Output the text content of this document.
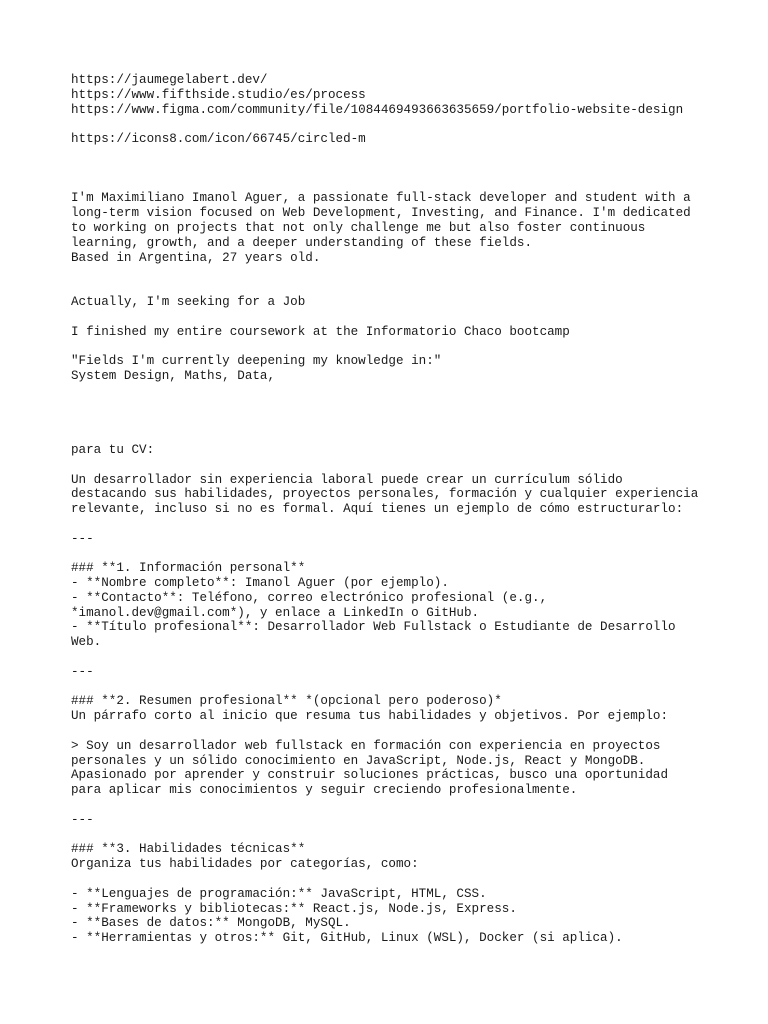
https://jaumegelabert.dev/
https://www.fifthside.studio/es/process
https://www.figma.com/community/file/1084469493663635659/portfolio-website-design
https://icons8.com/icon/66745/circled-m
I'm Maximiliano Imanol Aguer, a passionate full-stack developer and student with a
long-term vision focused on Web Development, Investing, and Finance. I'm dedicated
to working on projects that not only challenge me but also foster continuous
learning, growth, and a deeper understanding of these fields.
Based in Argentina, 27 years old.
Actually, I'm seeking for a Job
I finished my entire coursework at the Informatorio Chaco bootcamp
"Fields I'm currently deepening my knowledge in:"
System Design, Maths, Data,
para tu CV:
Un desarrollador sin experiencia laboral puede crear un currículum sólido
destacando sus habilidades, proyectos personales, formación y cualquier experiencia
relevante, incluso si no es formal. Aquí tienes un ejemplo de cómo estructurarlo:
---
### **1. Información personal**
- **Nombre completo**: Imanol Aguer (por ejemplo).
- **Contacto**: Teléfono, correo electrónico profesional (e.g.,
*imanol.dev@gmail.com*), y enlace a LinkedIn o GitHub.
- **Título profesional**: Desarrollador Web Fullstack o Estudiante de Desarrollo
Web.
---
### **2. Resumen profesional** *(opcional pero poderoso)*
Un párrafo corto al inicio que resuma tus habilidades y objetivos. Por ejemplo:
> Soy un desarrollador web fullstack en formación con experiencia en proyectos
personales y un sólido conocimiento en JavaScript, Node.js, React y MongoDB.
Apasionado por aprender y construir soluciones prácticas, busco una oportunidad
para aplicar mis conocimientos y seguir creciendo profesionalmente.
---
### **3. Habilidades técnicas**
Organiza tus habilidades por categorías, como:
- **Lenguajes de programación:** JavaScript, HTML, CSS.
- **Frameworks y bibliotecas:** React.js, Node.js, Express.
- **Bases de datos:** MongoDB, MySQL.
- **Herramientas y otros:** Git, GitHub, Linux (WSL), Docker (si aplica).
